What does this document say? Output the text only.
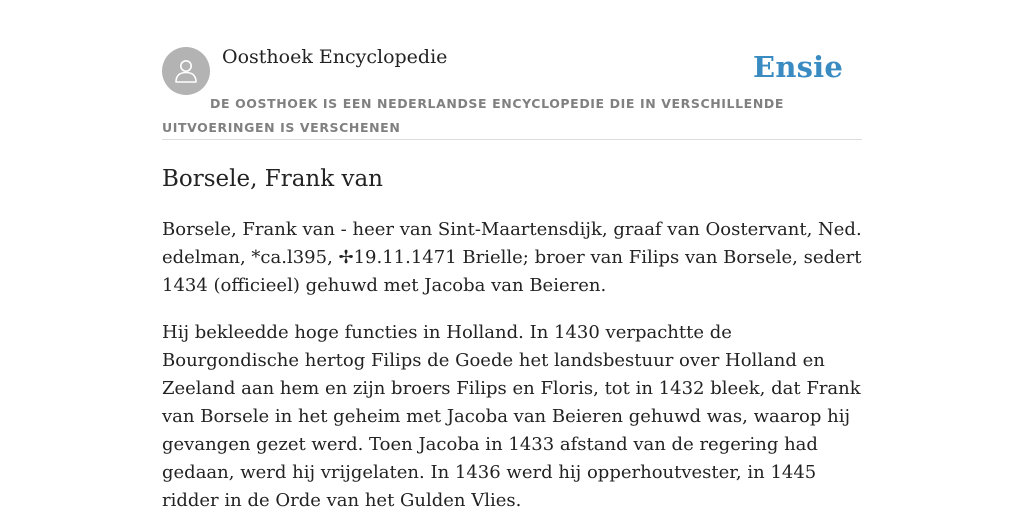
Oosthoek Encyclopedie	Ensie
DE OOSTHOEK IS EEN NEDERLANDSE ENCYCLOPEDIE DIE IN VERSCHILLENDE UITVOERINGEN IS VERSCHENEN
Borsele, Frank van

Borsele, Frank van - heer van Sint-Maartensdijk, graaf van Oostervant, Ned. edelman, *ca.l395, ✢19.11.1471 Brielle; broer van Filips van Borsele, sedert 1434 (officieel) gehuwd met Jacoba van Beieren.

Hij bekleedde hoge functies in Holland. In 1430 verpachtte de Bourgondische hertog Filips de Goede het landsbestuur over Holland en Zeeland aan hem en zijn broers Filips en Floris, tot in 1432 bleek, dat Frank van Borsele in het geheim met Jacoba van Beieren gehuwd was, waarop hij gevangen gezet werd. Toen Jacoba in 1433 afstand van de regering had gedaan, werd hij vrijgelaten. In 1436 werd hij opperhoutvester, in 1445 ridder in de Orde van het Gulden Vlies.
